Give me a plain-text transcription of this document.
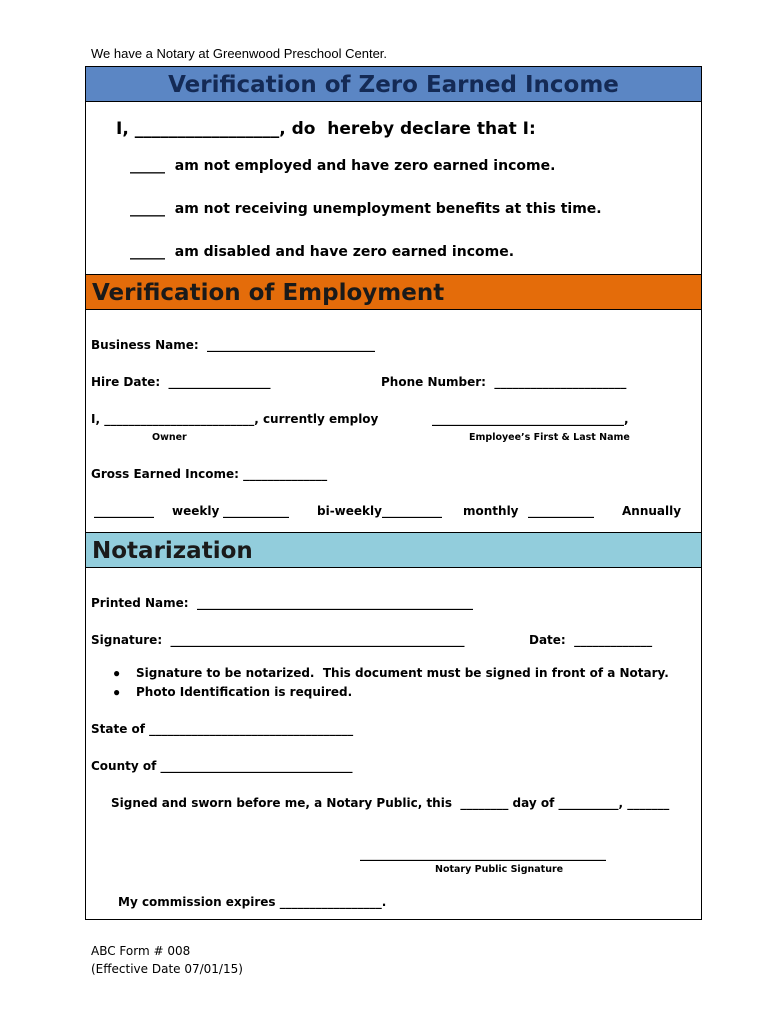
We have a Notary at Greenwood Preschool Center.
Verification of Zero Earned Income
I, _________________, do  hereby declare that I:
_____  am not employed and have zero earned income.
_____  am not receiving unemployment benefits at this time.
_____  am disabled and have zero earned income.
Verification of Employment
Business Name:  ____________________________
Hire Date:  _________________	Phone Number:  ______________________
I, _________________________, currently employ	________________________________,
Owner	Employee’s First & Last Name
Gross Earned Income: ______________
__________ weekly ___________ bi-weekly __________ monthly ___________ Annually
Notarization
Printed Name:  ______________________________________________
Signature:  _________________________________________________	Date:  _____________
● Signature to be notarized.  This document must be signed in front of a Notary.
● Photo Identification is required.
State of __________________________________
County of ________________________________
Signed and sworn before me, a Notary Public, this  ________ day of __________, _______
_________________________________________
Notary Public Signature
My commission expires _________________.
ABC Form # 008
(Effective Date 07/01/15)
